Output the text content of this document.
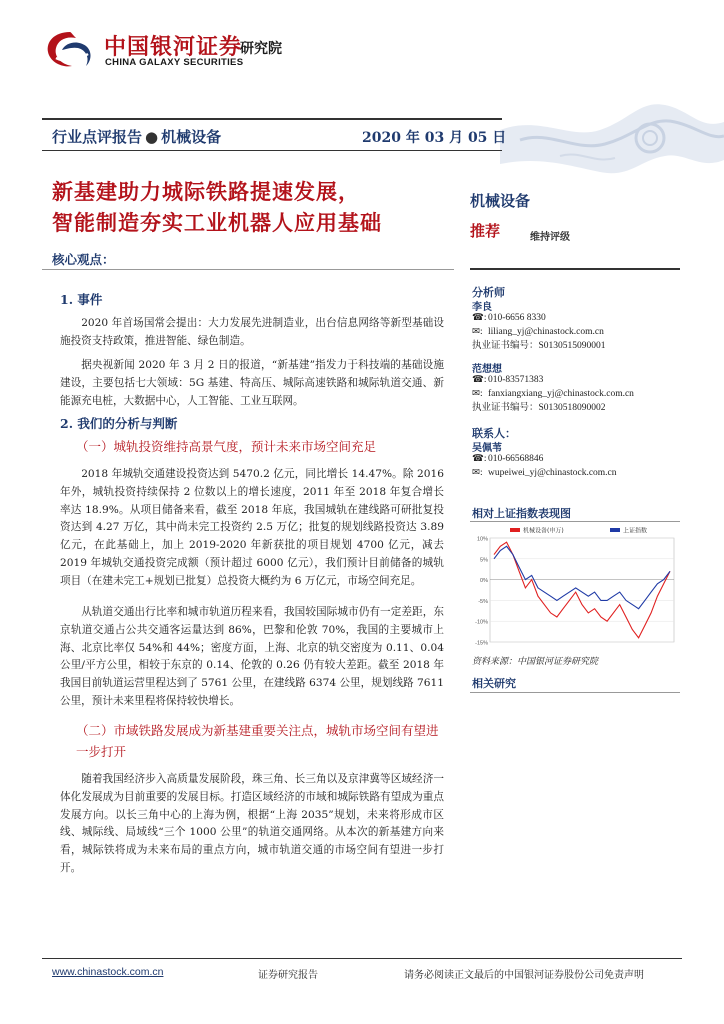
中国银河证券
CHINA GALAXY SECURITIES
研究院
行业点评报告 ● 机械设备	2020 年 03 月 05 日
新基建助力城际铁路提速发展，
智能制造夯实工业机器人应用基础
核心观点：
1. 事件
2020 年首场国常会提出：大力发展先进制造业，出台信息网络等新型基础设施投资支持政策，推进智能、绿色制造。
据央视新闻 2020 年 3 月 2 日的报道，“新基建”指发力于科技端的基础设施建设，主要包括七大领域：5G 基建、特高压、城际高速铁路和城际轨道交通、新能源充电桩，大数据中心，人工智能、工业互联网。
2. 我们的分析与判断
（一）城轨投资维持高景气度，预计未来市场空间充足
2018 年城轨交通建设投资达到 5470.2 亿元，同比增长 14.47%。除 2016 年外，城轨投资持续保持 2 位数以上的增长速度，2011 年至 2018 年复合增长率达 18.9%。从项目储备来看，截至 2018 年底，我国城轨在建线路可研批复投资达到 4.27 万亿，其中尚未完工投资约 2.5 万亿；批复的规划线路投资达 3.89 亿元，在此基础上，加上 2019-2020 年新获批的项目规划 4700 亿元，减去 2019 年城轨交通投资完成额（预计超过 6000 亿元），我们预计目前储备的城轨项目（在建未完工+规划已批复）总投资大概约为 6 万亿元，市场空间充足。
从轨道交通出行比率和城市轨道历程来看，我国较国际城市仍有一定差距，东京轨道交通占公共交通客运量达到 86%，巴黎和伦敦 70%，我国的主要城市上海、北京比率仅 54%和 44%；密度方面，上海、北京的轨交密度为 0.11、0.04 公里/平方公里，相较于东京的 0.14、伦敦的 0.26 仍有较大差距。截至 2018 年我国目前轨道运营里程达到了 5761 公里，在建线路 6374 公里，规划线路 7611 公里，预计未来里程将保持较快增长。
（二）市域铁路发展成为新基建重要关注点，城轨市场空间有望进一步打开
随着我国经济步入高质量发展阶段，珠三角、长三角以及京津冀等区域经济一体化发展成为目前重要的发展目标。打造区域经济的市域和城际铁路有望成为重点发展方向。以长三角中心的上海为例，根据“上海 2035”规划，未来将形成市区线、城际线、局域线“三个 1000 公里”的轨道交通网络。从本次的新基建方向来看，城际铁将成为未来布局的重点方向，城市轨道交通的市场空间有望进一步打开。
机械设备
推荐	维持评级
分析师
李良
☎: 010-6656 8330
✉: liliang_yj@chinastock.com.cn
执业证书编号：S0130515090001
范想想
☎: 010-83571383
✉: fanxiangxiang_yj@chinastock.com.cn
执业证书编号：S0130518090002
联系人：
吴佩苇
☎: 010-66568846
✉: wupeiwei_yj@chinastock.com.cn
相对上证指数表现图
10%
5%
0%
-5%
-10%
-15%
机械设备(申万)	上证指数
资料来源：中国银河证券研究院
相关研究
www.chinastock.com.cn	证券研究报告	请务必阅读正文最后的中国银河证券股份公司免责声明
